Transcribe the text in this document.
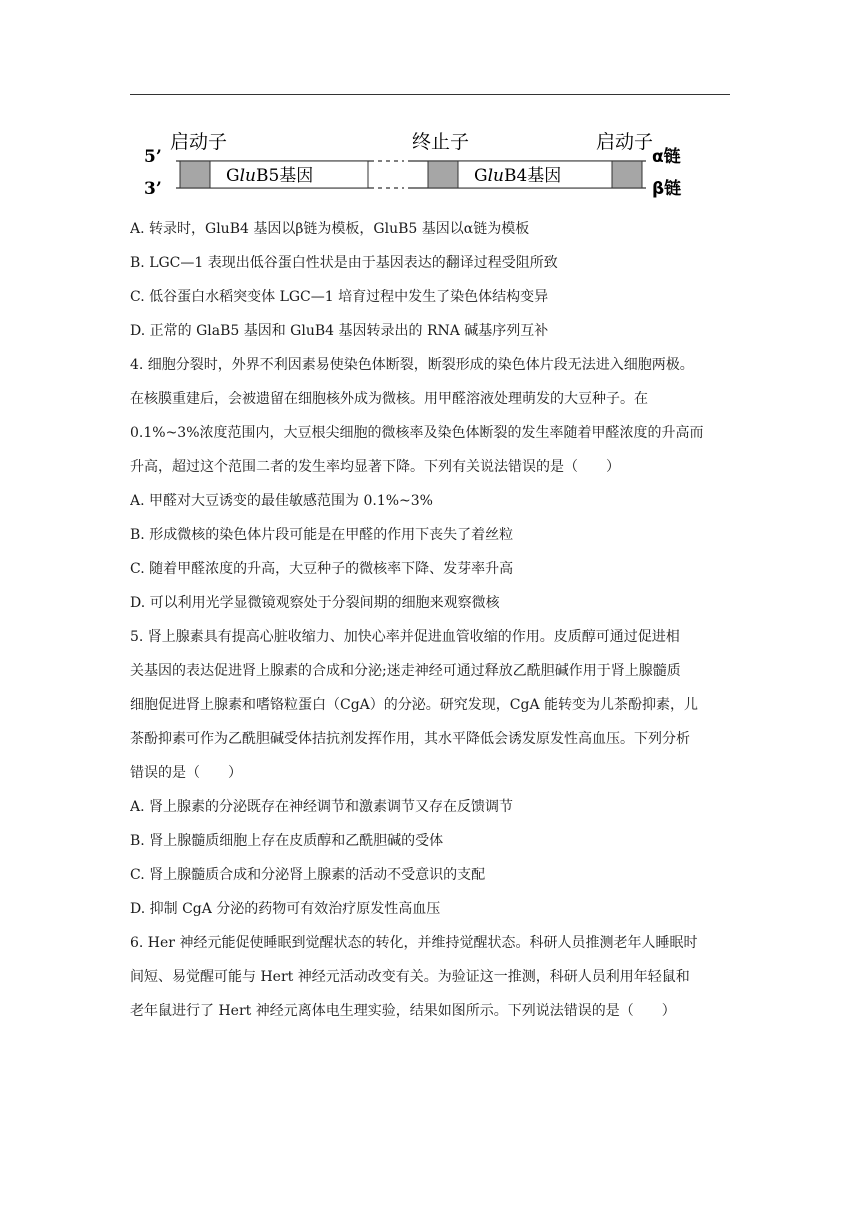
5’
3’
启动子	终止子	启动子
GluB5基因	GluB4基因
α链
β链
A. 转录时，GluB4 基因以β链为模板，GluB5 基因以α链为模板
B. LGC—1 表现出低谷蛋白性状是由于基因表达的翻译过程受阻所致
C. 低谷蛋白水稻突变体 LGC—1 培育过程中发生了染色体结构变异
D. 正常的 GlaB5 基因和 GluB4 基因转录出的 RNA 碱基序列互补
4. 细胞分裂时，外界不利因素易使染色体断裂，断裂形成的染色体片段无法进入细胞两极。
在核膜重建后，会被遗留在细胞核外成为微核。用甲醛溶液处理萌发的大豆种子。在
0.1%~3%浓度范围内，大豆根尖细胞的微核率及染色体断裂的发生率随着甲醛浓度的升高而
升高，超过这个范围二者的发生率均显著下降。下列有关说法错误的是（　　）
A. 甲醛对大豆诱变的最佳敏感范围为 0.1%~3%
B. 形成微核的染色体片段可能是在甲醛的作用下丧失了着丝粒
C. 随着甲醛浓度的升高，大豆种子的微核率下降、发芽率升高
D. 可以利用光学显微镜观察处于分裂间期的细胞来观察微核
5. 肾上腺素具有提高心脏收缩力、加快心率并促进血管收缩的作用。皮质醇可通过促进相
关基因的表达促进肾上腺素的合成和分泌;迷走神经可通过释放乙酰胆碱作用于肾上腺髓质
细胞促进肾上腺素和嗜铬粒蛋白（CgA）的分泌。研究发现，CgA 能转变为儿茶酚抑素，儿
茶酚抑素可作为乙酰胆碱受体拮抗剂发挥作用，其水平降低会诱发原发性高血压。下列分析
错误的是（　　）
A. 肾上腺素的分泌既存在神经调节和激素调节又存在反馈调节
B. 肾上腺髓质细胞上存在皮质醇和乙酰胆碱的受体
C. 肾上腺髓质合成和分泌肾上腺素的活动不受意识的支配
D. 抑制 CgA 分泌的药物可有效治疗原发性高血压
6. Her 神经元能促使睡眠到觉醒状态的转化，并维持觉醒状态。科研人员推测老年人睡眠时
间短、易觉醒可能与 Hert 神经元活动改变有关。为验证这一推测，科研人员利用年轻鼠和
老年鼠进行了 Hert 神经元离体电生理实验，结果如图所示。下列说法错误的是（　　）
